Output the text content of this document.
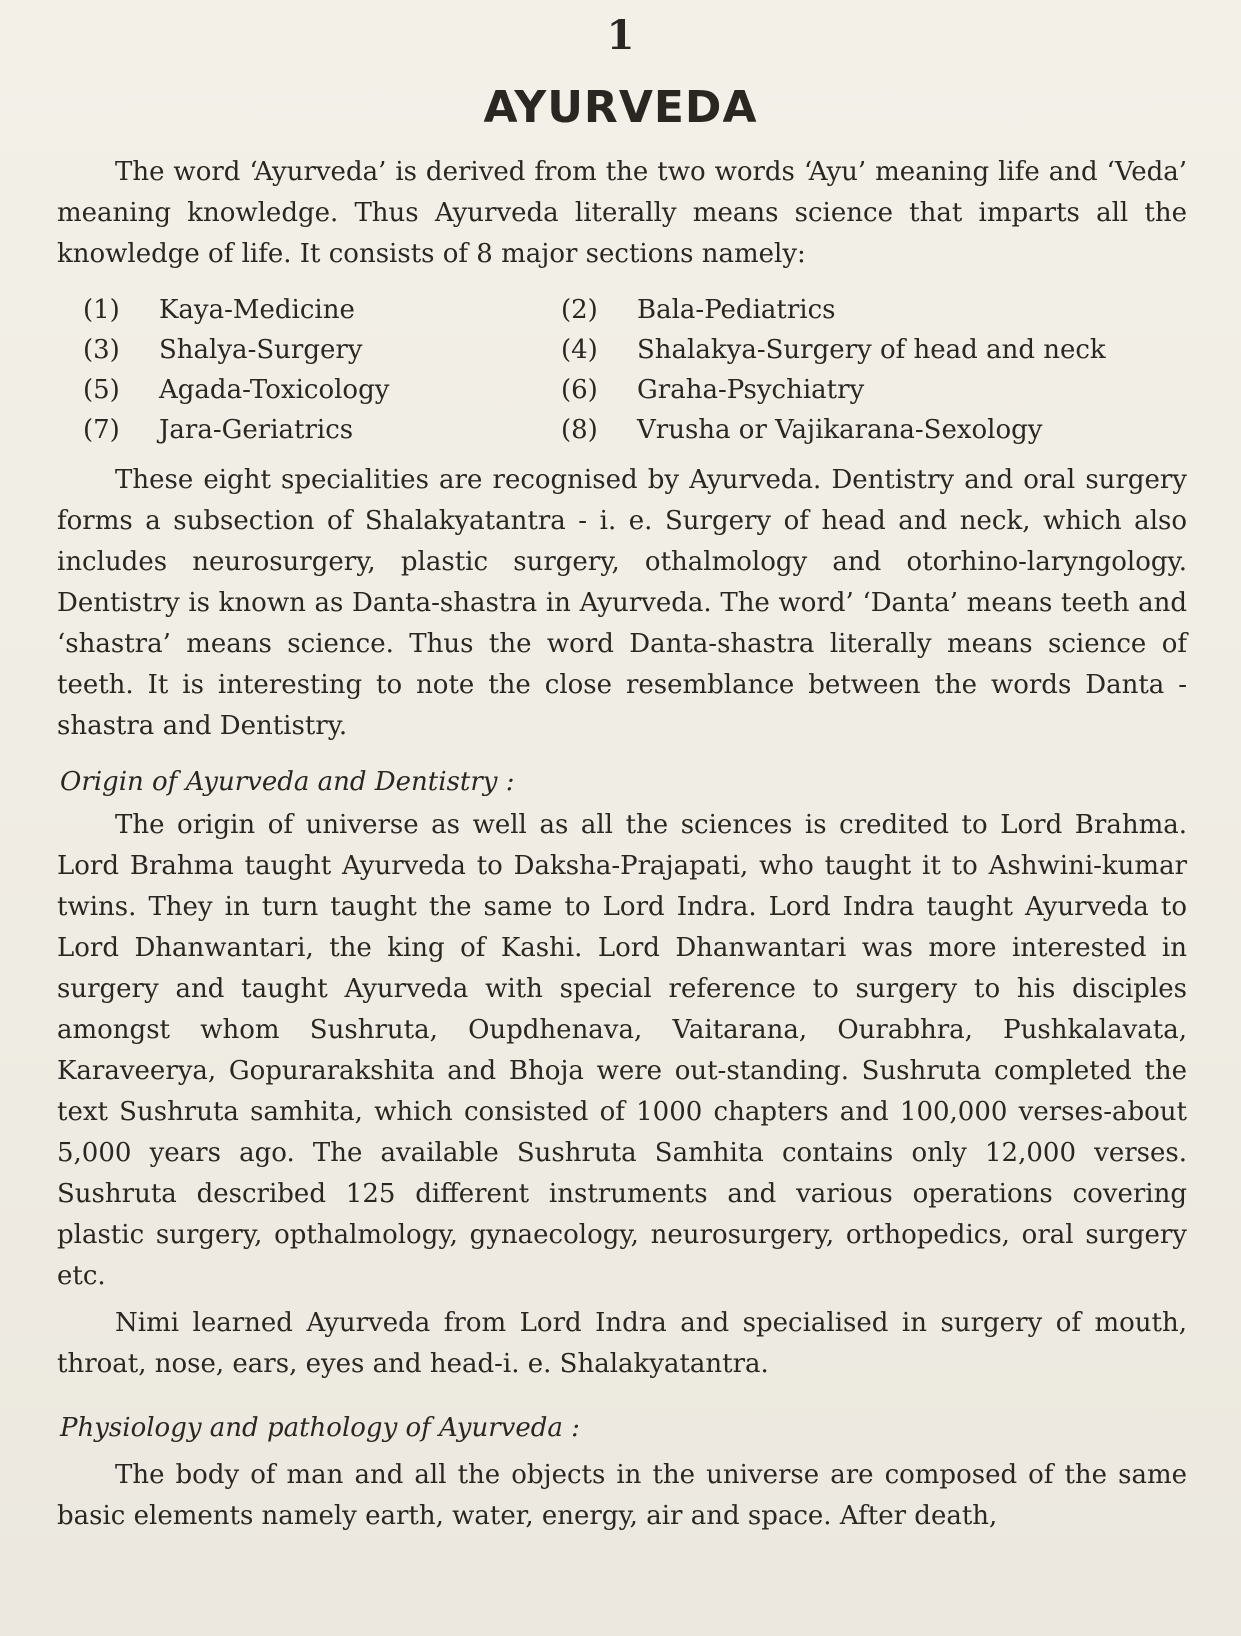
1
AYURVEDA

The word ‘Ayurveda’ is derived from the two words ‘Ayu’ meaning life and ‘Veda’ meaning knowledge. Thus Ayurveda literally means science that imparts all the knowledge of life. It consists of 8 major sections namely:

(1) Kaya-Medicine	(2) Bala-Pediatrics
(3) Shalya-Surgery	(4) Shalakya-Surgery of head and neck
(5) Agada-Toxicology	(6) Graha-Psychiatry
(7) Jara-Geriatrics	(8) Vrusha or Vajikarana-Sexology

These eight specialities are recognised by Ayurveda. Dentistry and oral surgery forms a subsection of Shalakyatantra - i. e. Surgery of head and neck, which also includes neurosurgery, plastic surgery, othalmology and otorhino-laryngology. Dentistry is known as Danta-shastra in Ayurveda. The word’ ‘Danta’ means teeth and ‘shastra’ means science. Thus the word Danta-shastra literally means science of teeth. It is interesting to note the close resemblance between the words Danta - shastra and Dentistry.

Origin of Ayurveda and Dentistry :

The origin of universe as well as all the sciences is credited to Lord Brahma. Lord Brahma taught Ayurveda to Daksha-Prajapati, who taught it to Ashwini-kumar twins. They in turn taught the same to Lord Indra. Lord Indra taught Ayurveda to Lord Dhanwantari, the king of Kashi. Lord Dhanwantari was more interested in surgery and taught Ayurveda with special reference to surgery to his disciples amongst whom Sushruta, Oupdhenava, Vaitarana, Ourabhra, Pushkalavata, Karaveerya, Gopurarakshita and Bhoja were out-standing. Sushruta completed the text Sushruta samhita, which consisted of 1000 chapters and 100,000 verses-about 5,000 years ago. The available Sushruta Samhita contains only 12,000 verses. Sushruta described 125 different instruments and various operations covering plastic surgery, opthalmology, gynaecology, neurosurgery, orthopedics, oral surgery etc.

Nimi learned Ayurveda from Lord Indra and specialised in surgery of mouth, throat, nose, ears, eyes and head-i. e. Shalakyatantra.

Physiology and pathology of Ayurveda :

The body of man and all the objects in the universe are composed of the same basic elements namely earth, water, energy, air and space. After death,
